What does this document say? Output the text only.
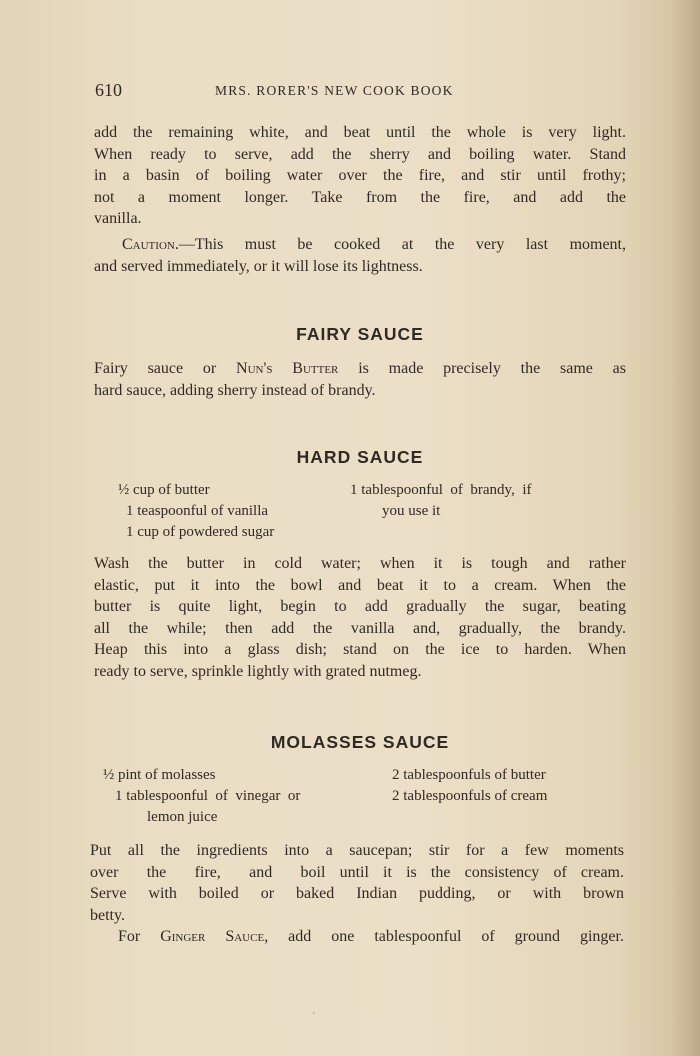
610	MRS. RORER'S NEW COOK BOOK

add the remaining white, and beat until the whole is very light.
When ready to serve, add the sherry and boiling water. Stand
in a basin of boiling water over the fire, and stir until frothy;
not a moment longer. Take from the fire, and add the
vanilla.

Caution.—This must be cooked at the very last moment,
and served immediately, or it will lose its lightness.

FAIRY SAUCE

Fairy sauce or Nun's Butter is made precisely the same as
hard sauce, adding sherry instead of brandy.

HARD SAUCE
½ cup of butter
1 teaspoonful of vanilla
1 cup of powdered sugar
1 tablespoonful  of  brandy,  if
you use it

Wash the butter in cold water; when it is tough and rather
elastic, put it into the bowl and beat it to a cream. When the
butter is quite light, begin to add gradually the sugar, beating
all the while; then add the vanilla and, gradually, the brandy.
Heap this into a glass dish; stand on the ice to harden. When
ready to serve, sprinkle lightly with grated nutmeg.

MOLASSES SAUCE
½ pint of molasses
1 tablespoonful  of  vinegar  or
lemon juice
2 tablespoonfuls of butter
2 tablespoonfuls of cream

Put all the ingredients into a saucepan; stir for a few moments
over  the  fire,  and  boil until it is the consistency of cream.
Serve with boiled or baked Indian pudding, or with brown
betty.
For Ginger Sauce, add one tablespoonful of ground ginger.

ˊ
